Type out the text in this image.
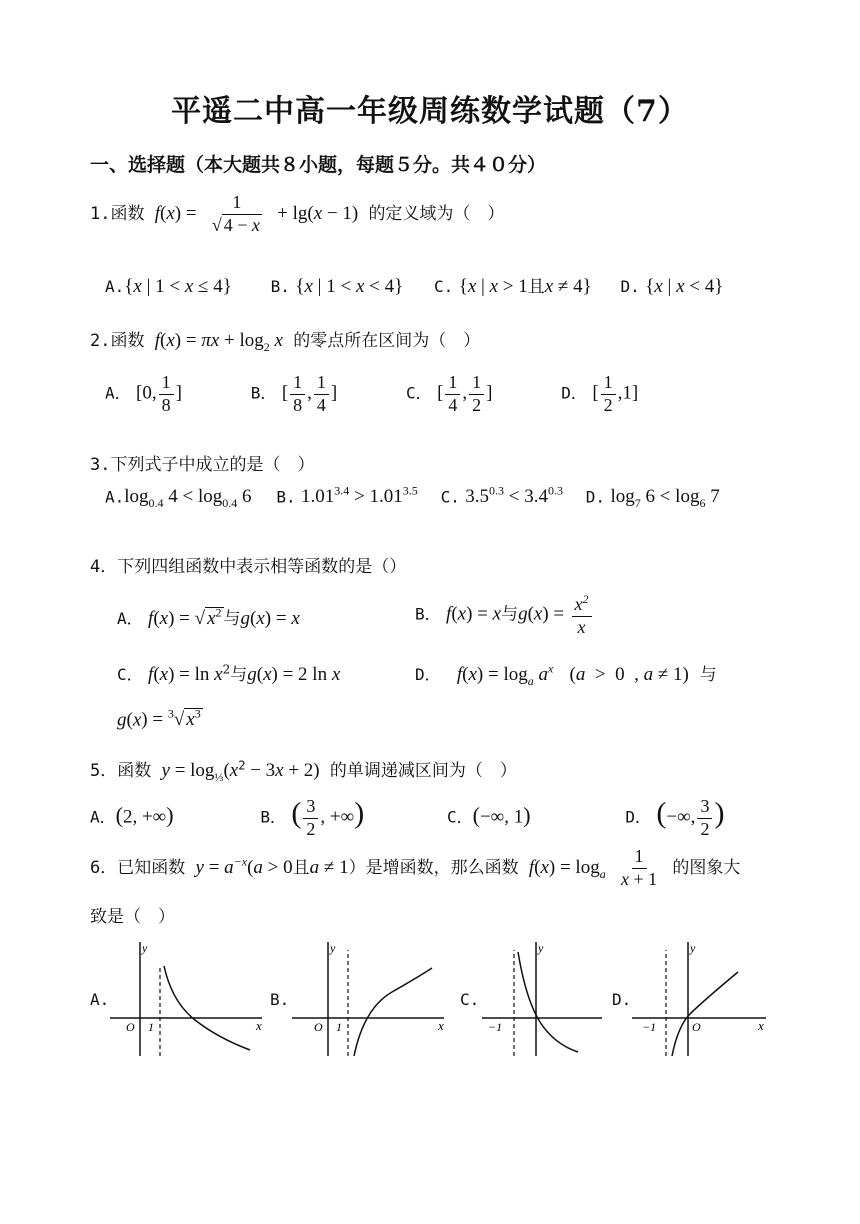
平遥二中高一年级周练数学试题（7）
一、选择题（本大题共８小题，每题５分。共４０分）
1.函数 $f(x) = \frac{1}{√ 4 - x} + \lg(x - 1)$ 的定义域为（　）
A.{x | 1 < x ≤ 4} B. {x | 1 < x < 4} C. {x | x > 1且x ≠ 4} D. {x | x < 4}
2.函数 $f(x) = \pi x + \log_2 x$ 的零点所在区间为（　）
A． [0, $\frac{1}{8}$ ]	B． [ $\frac{1}{8}$ , $\frac{1}{4}$ ]	C． [ $\frac{1}{4}$ , $\frac{1}{2}$ ]	D． [ $\frac{1}{2} ,1$]
3.下列式子中成立的是（　）
$A.\log_{0.4}$ $4 < \log_{0.4} 6$ B. $1.01^{3.4} > 1.01^{3.5}$ C. $3.5^{0.3} < 3.4^{0.3}$ D. $\log_7 6 < \log_6 7$
4．下列四组函数中表示相等函数的是（）
A． f(x) = √ $x^2$ 与g(x) = x	B． f(x) = x与$g(x) = \frac{x^2}{x}$
C． $f(x) = \ln x^2$与g(x) = 2 ln x	D． $f(x) = \log_a a^x$ (a  >  0  , a ≠ 1) 与
g(x) = $^3$√ $x^3$
5．函数 $y = \log_{\frac{1}{3}}(x^2 - 3x + 2)$ 的单调递减区间为（　）
A．(2, +∞)	B． ( $\frac{3}{2}$ , +∞)	C．(−∞, 1)	D． (−∞, $\frac{3}{2}$ )
6．已知函数 $y = a^{-x}(a > 0$且a ≠ 1）是增函数，那么函数 $f(x) = \log_a \frac{1}{x + 1}$ 的图象大
致是（　）
A.	B.	C.	D.
y
x
O 1
y
x
O 1
y
−1
y
x
O
−1
